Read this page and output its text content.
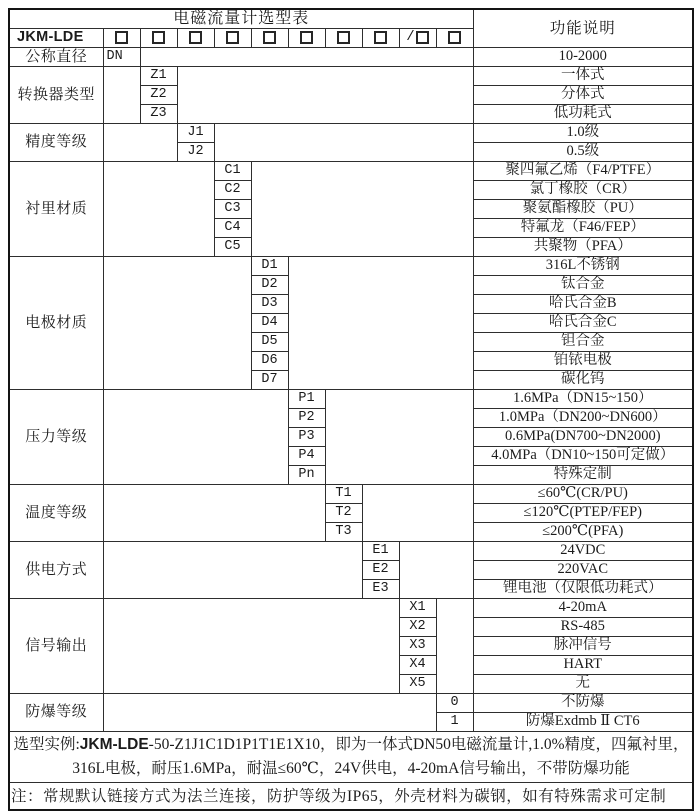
电磁流量计选型表											功能说明
JKM-LDE									/		
公称直径	DN										10-2000
转换器类型		Z1									一体式
		Z2									分体式
		Z3									低功耗式
精度等级			J1								1.0级
			J2								0.5级
衬里材质				C1							聚四氟乙烯（F4/PTFE）
				C2							氯丁橡胶（CR）
				C3							聚氨酯橡胶（PU）
				C4							特氟龙（F46/FEP）
				C5							共聚物（PFA）
电极材质					D1						316L不锈钢
					D2						钛合金
					D3						哈氏合金B
					D4						哈氏合金C
					D5						钽合金
					D6						铂铱电极
					D7						碳化钨
压力等级						P1					1.6MPa（DN15~150）
						P2					1.0MPa（DN200~DN600）
						P3					0.6MPa(DN700~DN2000)
						P4					4.0MPa（DN10~150可定做）
						Pn					特殊定制
温度等级							T1				≤60℃(CR/PU)
							T2				≤120℃(PTEP/FEP)
							T3				≤200℃(PFA)
供电方式								E1			24VDC
								E2			220VAC
								E3			锂电池（仅限低功耗式）
信号输出									X1		4-20mA
									X2		RS-485
									X3		脉冲信号
									X4		HART
									X5		无
防爆等级										0	不防爆
										1	防爆Exdmb Ⅱ CT6
选型实例:JKM-LDE-50-Z1J1C1D1P1T1E1X10，即为一体式DN50电磁流量计,1.0%精度，四氟衬里，316L电极，耐压1.6MPa，耐温≤60℃，24V供电，4-20mA信号输出，不带防爆功能											
注：常规默认链接方式为法兰连接，防护等级为IP65，外壳材料为碳钢，如有特殊需求可定制											
